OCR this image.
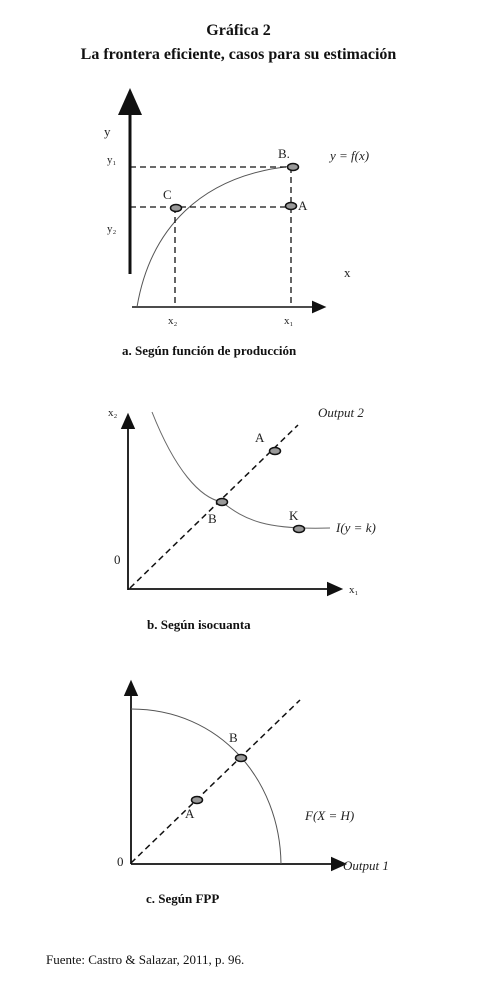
Gráfica 2
La frontera eficiente, casos para su estimación
y
y₁
y₂
x
x₂	x₁
B.
A
C
y = f(x)
a. Según función de producción
x₂
0
x₁
Output 2
I(y = k)
A
B	K
b. Según isocuanta
0	Output 1
F(X = H)
B
A
c. Según FPP
Fuente: Castro & Salazar, 2011, p. 96.
